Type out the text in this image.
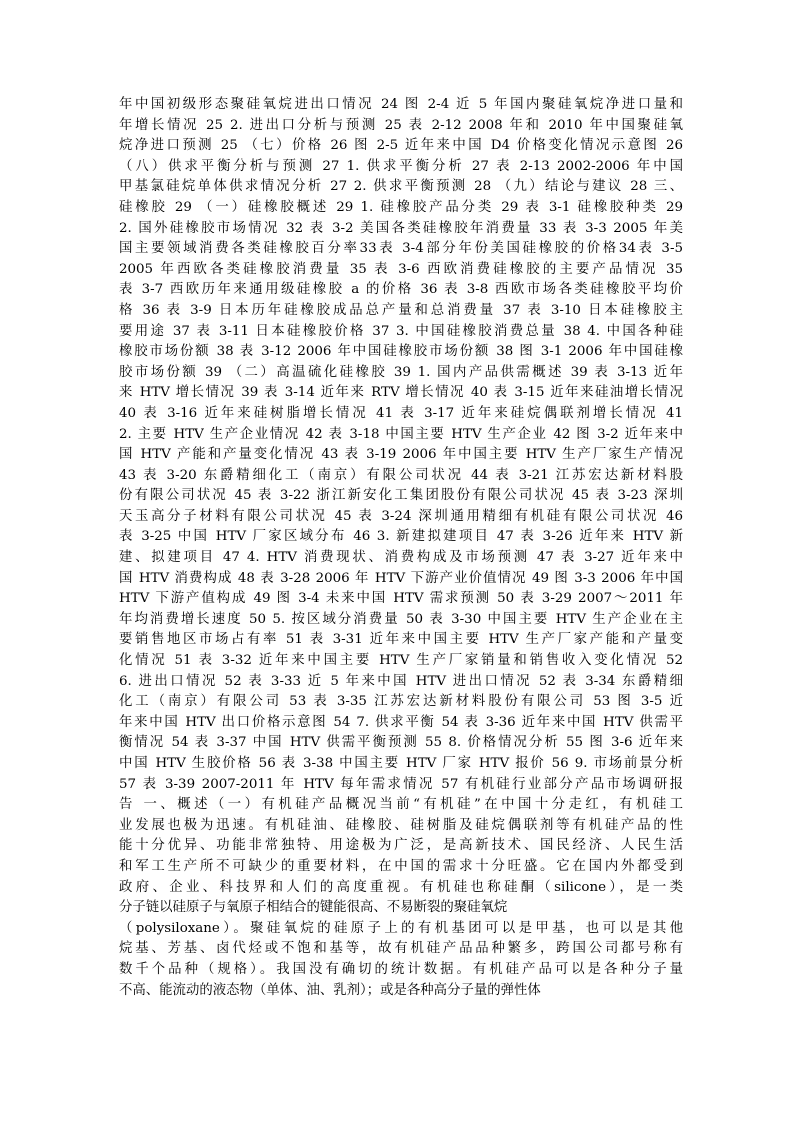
年中国初级形态聚硅氧烷进出口情况 24 图 2-4 近 5 年国内聚硅氧烷净进口量和
年增长情况 25 2. 进出口分析与预测 25 表 2-12 2008 年和 2010 年中国聚硅氧
烷净进口预测 25 （七）价格 26 图 2-5 近年来中国 D4 价格变化情况示意图 26
（八）供求平衡分析与预测 27 1. 供求平衡分析 27 表 2-13 2002-2006 年中国
甲基氯硅烷单体供求情况分析 27 2. 供求平衡预测 28 （九）结论与建议 28 三、
硅橡胶 29 （一）硅橡胶概述 29 1. 硅橡胶产品分类 29 表 3-1 硅橡胶种类 29
2. 国外硅橡胶市场情况 32 表 3-2 美国各类硅橡胶年消费量 33 表 3-3 2005 年美
国主要领域消费各类硅橡胶百分率33表 3-4部分年份美国硅橡胶的价格34表 3-5
2005 年西欧各类硅橡胶消费量 35 表 3-6 西欧消费硅橡胶的主要产品情况 35
表 3-7 西欧历年来通用级硅橡胶 a 的价格 36 表 3-8 西欧市场各类硅橡胶平均价
格 36 表 3-9 日本历年硅橡胶成品总产量和总消费量 37 表 3-10 日本硅橡胶主
要用途 37 表 3-11 日本硅橡胶价格 37 3. 中国硅橡胶消费总量 38 4. 中国各种硅
橡胶市场份额 38 表 3-12 2006 年中国硅橡胶市场份额 38 图 3-1 2006 年中国硅橡
胶市场份额 39 （二）高温硫化硅橡胶 39 1. 国内产品供需概述 39 表 3-13 近年
来 HTV 增长情况 39 表 3-14 近年来 RTV 增长情况 40 表 3-15 近年来硅油增长情况
40 表 3-16 近年来硅树脂增长情况 41 表 3-17 近年来硅烷偶联剂增长情况 41
2. 主要 HTV 生产企业情况 42 表 3-18 中国主要 HTV 生产企业 42 图 3-2 近年来中
国 HTV 产能和产量变化情况 43 表 3-19 2006 年中国主要 HTV 生产厂家生产情况
43 表 3-20 东爵精细化工（南京）有限公司状况 44 表 3-21 江苏宏达新材料股
份有限公司状况 45 表 3-22 浙江新安化工集团股份有限公司状况 45 表 3-23 深圳
天玉高分子材料有限公司状况 45 表 3-24 深圳通用精细有机硅有限公司状况 46
表 3-25 中国 HTV 厂家区域分布 46 3. 新建拟建项目 47 表 3-26 近年来 HTV 新
建、拟建项目 47 4. HTV 消费现状、消费构成及市场预测 47 表 3-27 近年来中
国 HTV 消费构成 48 表 3-28 2006 年 HTV 下游产业价值情况 49 图 3-3 2006 年中国
HTV 下游产值构成 49 图 3-4 未来中国 HTV 需求预测 50 表 3-29 2007～2011 年
年均消费增长速度 50 5. 按区域分消费量 50 表 3-30 中国主要 HTV 生产企业在主
要销售地区市场占有率 51 表 3-31 近年来中国主要 HTV 生产厂家产能和产量变
化情况 51 表 3-32 近年来中国主要 HTV 生产厂家销量和销售收入变化情况 52
6. 进出口情况 52 表 3-33 近 5 年来中国 HTV 进出口情况 52 表 3-34 东爵精细
化工（南京）有限公司 53 表 3-35 江苏宏达新材料股份有限公司 53 图 3-5 近
年来中国 HTV 出口价格示意图 54 7. 供求平衡 54 表 3-36 近年来中国 HTV 供需平
衡情况 54 表 3-37 中国 HTV 供需平衡预测 55 8. 价格情况分析 55 图 3-6 近年来
中国 HTV 生胶价格 56 表 3-38 中国主要 HTV 厂家 HTV 报价 56 9. 市场前景分析
57 表 3-39 2007-2011 年 HTV 每年需求情况 57 有机硅行业部分产品市场调研报
告 一、概述（一）有机硅产品概况当前“有机硅”在中国十分走红，有机硅工
业发展也极为迅速。有机硅油、硅橡胶、硅树脂及硅烷偶联剂等有机硅产品的性
能十分优异、功能非常独特、用途极为广泛，是高新技术、国民经济、人民生活
和军工生产所不可缺少的重要材料，在中国的需求十分旺盛。它在国内外都受到
政府、企业、科技界和人们的高度重视。有机硅也称硅酮（silicone），是一类
分子链以硅原子与氧原子相结合的键能很高、不易断裂的聚硅氧烷
（polysiloxane）。聚硅氧烷的硅原子上的有机基团可以是甲基，也可以是其他
烷基、芳基、卤代烃或不饱和基等，故有机硅产品品种繁多，跨国公司都号称有
数千个品种（规格）。我国没有确切的统计数据。有机硅产品可以是各种分子量
不高、能流动的液态物（单体、油、乳剂）；或是各种高分子量的弹性体
